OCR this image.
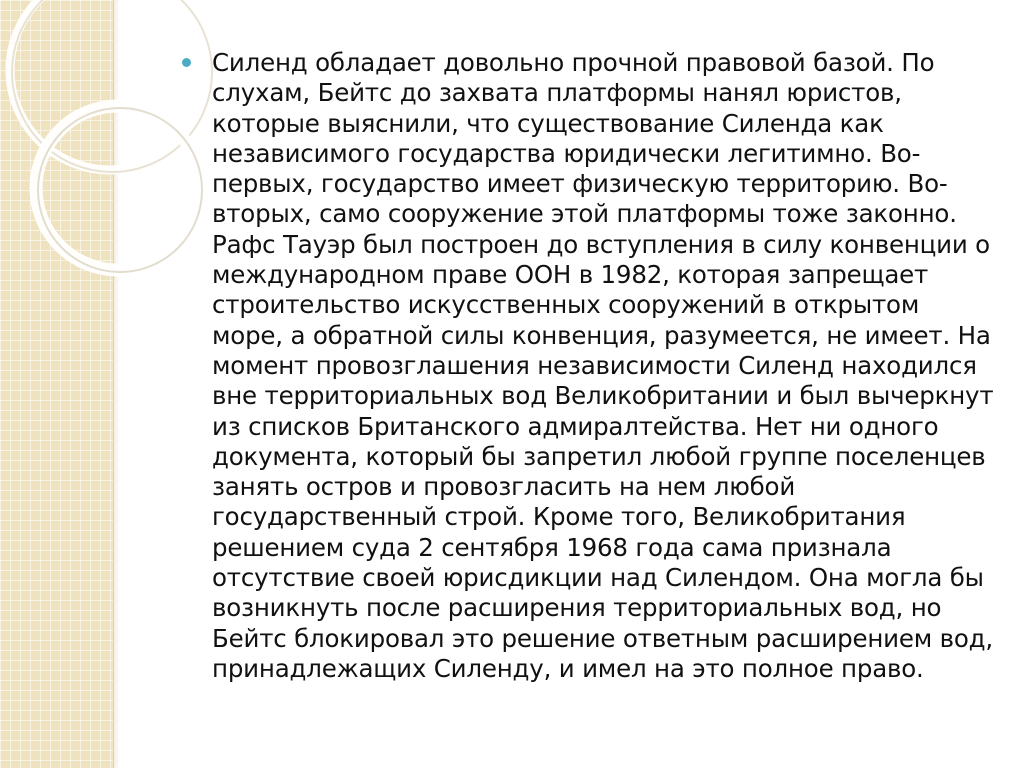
Силенд обладает довольно прочной правовой базой. По слухам, Бейтс до захвата платформы нанял юристов, которые выяснили, что существование Силенда как независимого государства юридически легитимно. Во-первых, государство имеет физическую территорию. Во-вторых, само сооружение этой платформы тоже законно. Рафс Тауэр был построен до вступления в силу конвенции о международном праве ООН в 1982, которая запрещает строительство искусственных сооружений в открытом море, а обратной силы конвенция, разумеется, не имеет. На момент провозглашения независимости Силенд находился вне территориальных вод Великобритании и был вычеркнут из списков Британского адмиралтейства. Нет ни одного документа, который бы запретил любой группе поселенцев занять остров и провозгласить на нем любой государственный строй. Кроме того, Великобритания решением суда 2 сентября 1968 года сама признала отсутствие своей юрисдикции над Силендом. Она могла бы возникнуть после расширения территориальных вод, но Бейтс блокировал это решение ответным расширением вод, принадлежащих Силенду, и имел на это полное право.
